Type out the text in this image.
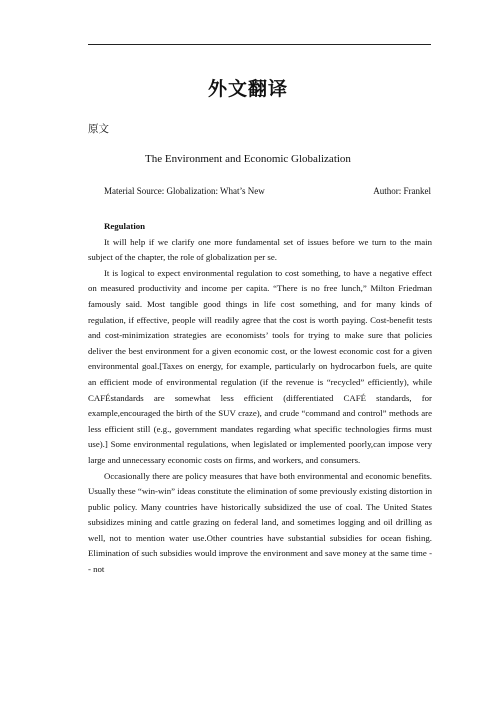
外文翻译
原文
The Environment and Economic Globalization
Material Source: Globalization: What’s New	Author: Frankel

Regulation

It will help if we clarify one more fundamental set of issues before we turn to the main subject of the chapter, the role of globalization per se.

It is logical to expect environmental regulation to cost something, to have a negative effect on measured productivity and income per capita. “There is no free lunch,” Milton Friedman famously said. Most tangible good things in life cost something, and for many kinds of regulation, if effective, people will readily agree that the cost is worth paying. Cost-benefit tests and cost-minimization strategies are economists’ tools for trying to make sure that policies deliver the best environment for a given economic cost, or the lowest economic cost for a given environmental goal.[Taxes on energy, for example, particularly on hydrocarbon fuels, are quite an efficient mode of environmental regulation (if the revenue is “recycled” efficiently), while CAFÉstandards are somewhat less efficient (differentiated CAFÉ standards, for example,encouraged the birth of the SUV craze), and crude “command and control” methods are less efficient still (e.g., government mandates regarding what specific technologies firms must use).] Some environmental regulations, when legislated or implemented poorly,can impose very large and unnecessary economic costs on firms, and workers, and consumers.

Occasionally there are policy measures that have both environmental and economic benefits. Usually these “win-win” ideas constitute the elimination of some previously existing distortion in public policy. Many countries have historically subsidized the use of coal. The United States subsidizes mining and cattle grazing on federal land, and sometimes logging and oil drilling as well, not to mention water use.Other countries have substantial subsidies for ocean fishing. Elimination of such subsidies would improve the environment and save money at the same time -- not
